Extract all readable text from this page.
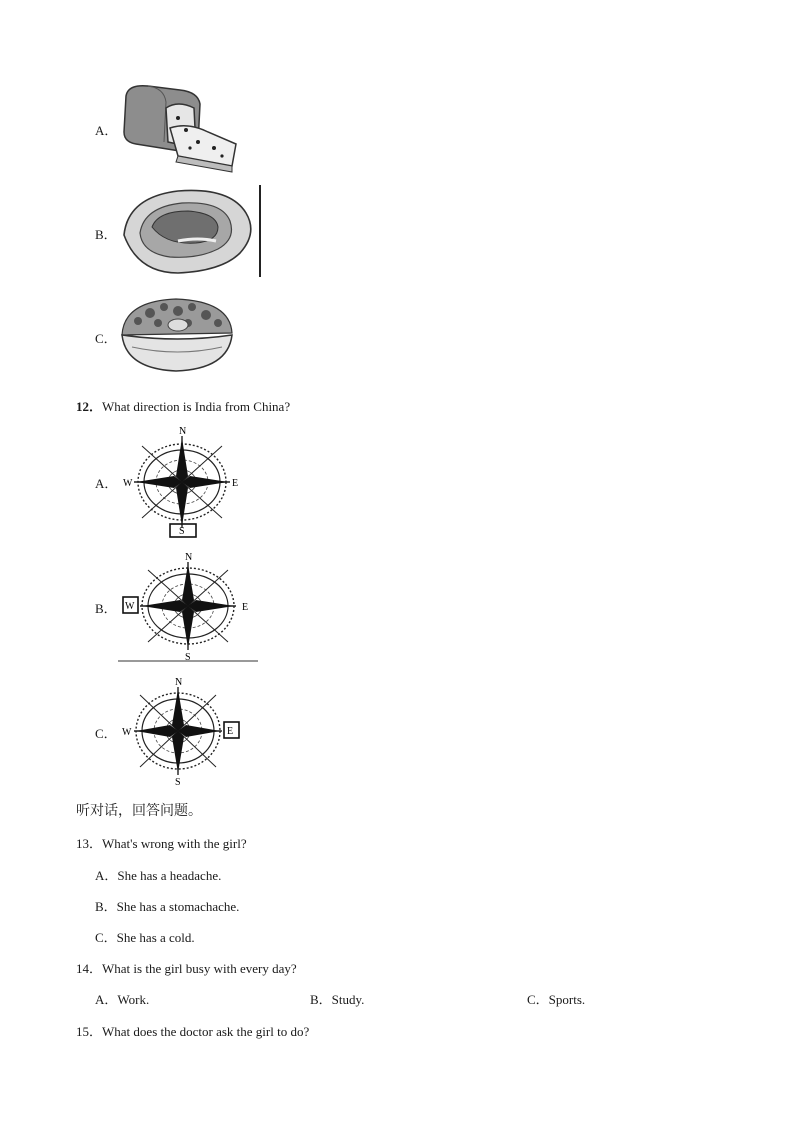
A．
B．
C．
12．What direction is India from China?
A．
N
W	E
S
B．
N
W	E
S
C．
N
W	E
S
听对话，回答问题。
13．What's wrong with the girl?
A．She has a headache.
B．She has a stomachache.
C．She has a cold.
14．What is the girl busy with every day?
A．Work.	B．Study.	C．Sports.
15．What does the doctor ask the girl to do?
